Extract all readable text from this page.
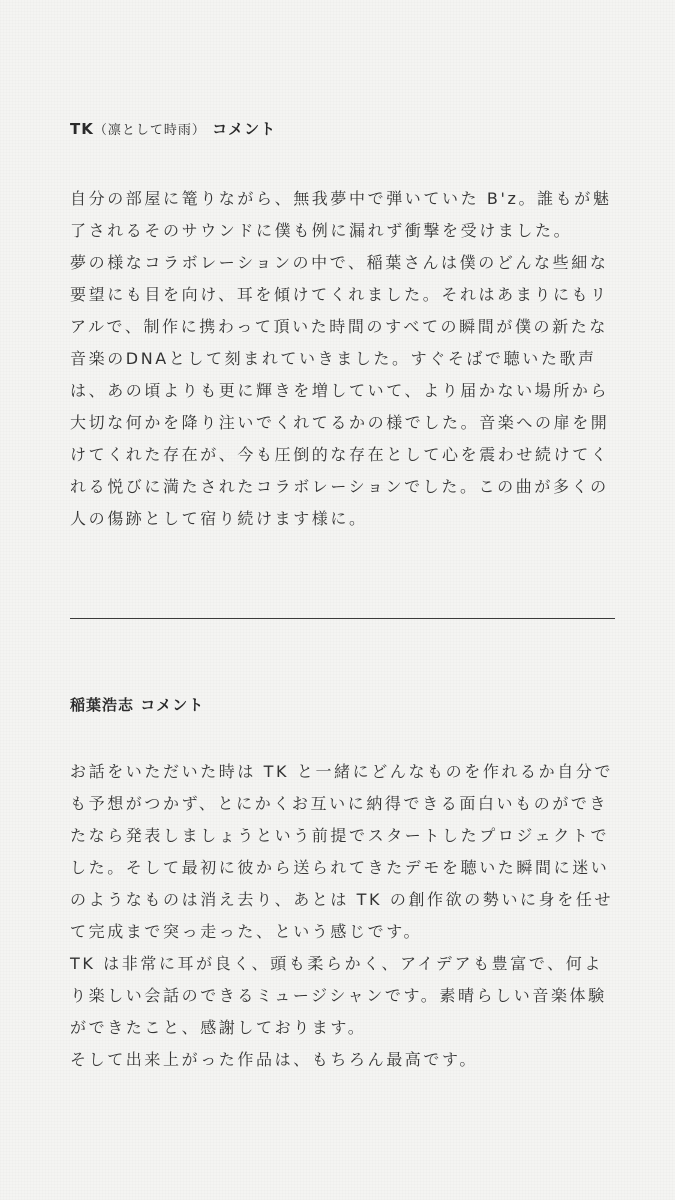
TK（凛として時雨） コメント

自分の部屋に篭りながら、無我夢中で弾いていた B'z。誰もが魅了されるそのサウンドに僕も例に漏れず衝撃を受けました。

夢の様なコラボレーションの中で、稲葉さんは僕のどんな些細な要望にも目を向け、耳を傾けてくれました。それはあまりにもリアルで、制作に携わって頂いた時間のすべての瞬間が僕の新たな音楽のDNAとして刻まれていきました。すぐそばで聴いた歌声は、あの頃よりも更に輝きを増していて、より届かない場所から大切な何かを降り注いでくれてるかの様でした。音楽への扉を開けてくれた存在が、今も圧倒的な存在として心を震わせ続けてくれる悦びに満たされたコラボレーションでした。この曲が多くの人の傷跡として宿り続けます様に。

稲葉浩志 コメント

お話をいただいた時は TK と一緒にどんなものを作れるか自分でも予想がつかず、とにかくお互いに納得できる面白いものができたなら発表しましょうという前提でスタートしたプロジェクトでした。そして最初に彼から送られてきたデモを聴いた瞬間に迷いのようなものは消え去り、あとは TK の創作欲の勢いに身を任せて完成まで突っ走った、という感じです。

TK は非常に耳が良く、頭も柔らかく、アイデアも豊富で、何より楽しい会話のできるミュージシャンです。素晴らしい音楽体験ができたこと、感謝しております。

そして出来上がった作品は、もちろん最高です。
